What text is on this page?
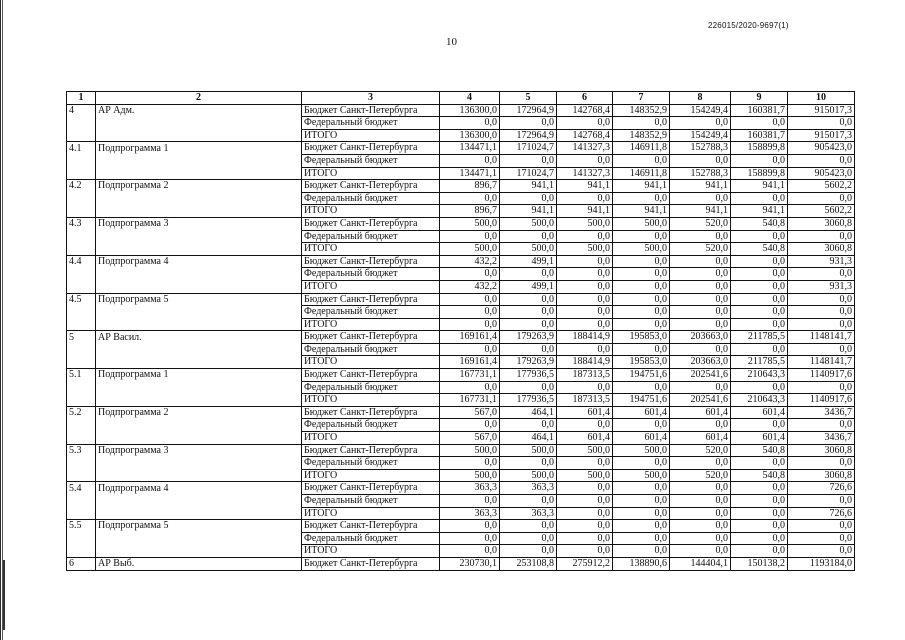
226015/2020-9697(1)
10
1	2	3	4	5	6	7	8	9	10
4	АР Адм.	Бюджет Санкт-Петербурга	136300,0	172964,9	142768,4	148352,9	154249,4	160381,7	915017,3
		Федеральный бюджет	0,0	0,0	0,0	0,0	0,0	0,0	0,0
		ИТОГО	136300,0	172964,9	142768,4	148352,9	154249,4	160381,7	915017,3
4.1	Подпрограмма 1	Бюджет Санкт-Петербурга	134471,1	171024,7	141327,3	146911,8	152788,3	158899,8	905423,0
		Федеральный бюджет	0,0	0,0	0,0	0,0	0,0	0,0	0,0
		ИТОГО	134471,1	171024,7	141327,3	146911,8	152788,3	158899,8	905423,0
4.2	Подпрограмма 2	Бюджет Санкт-Петербурга	896,7	941,1	941,1	941,1	941,1	941,1	5602,2
		Федеральный бюджет	0,0	0,0	0,0	0,0	0,0	0,0	0,0
		ИТОГО	896,7	941,1	941,1	941,1	941,1	941,1	5602,2
4.3	Подпрограмма 3	Бюджет Санкт-Петербурга	500,0	500,0	500,0	500,0	520,0	540,8	3060,8
		Федеральный бюджет	0,0	0,0	0,0	0,0	0,0	0,0	0,0
		ИТОГО	500,0	500,0	500,0	500,0	520,0	540,8	3060,8
4.4	Подпрограмма 4	Бюджет Санкт-Петербурга	432,2	499,1	0,0	0,0	0,0	0,0	931,3
		Федеральный бюджет	0,0	0,0	0,0	0,0	0,0	0,0	0,0
		ИТОГО	432,2	499,1	0,0	0,0	0,0	0,0	931,3
4.5	Подпрограмма 5	Бюджет Санкт-Петербурга	0,0	0,0	0,0	0,0	0,0	0,0	0,0
		Федеральный бюджет	0,0	0,0	0,0	0,0	0,0	0,0	0,0
		ИТОГО	0,0	0,0	0,0	0,0	0,0	0,0	0,0
5	АР Васил.	Бюджет Санкт-Петербурга	169161,4	179263,9	188414,9	195853,0	203663,0	211785,5	1148141,7
		Федеральный бюджет	0,0	0,0	0,0	0,0	0,0	0,0	0,0
		ИТОГО	169161,4	179263,9	188414,9	195853,0	203663,0	211785,5	1148141,7
5.1	Подпрограмма 1	Бюджет Санкт-Петербурга	167731,1	177936,5	187313,5	194751,6	202541,6	210643,3	1140917,6
		Федеральный бюджет	0,0	0,0	0,0	0,0	0,0	0,0	0,0
		ИТОГО	167731,1	177936,5	187313,5	194751,6	202541,6	210643,3	1140917,6
5.2	Подпрограмма 2	Бюджет Санкт-Петербурга	567,0	464,1	601,4	601,4	601,4	601,4	3436,7
		Федеральный бюджет	0,0	0,0	0,0	0,0	0,0	0,0	0,0
		ИТОГО	567,0	464,1	601,4	601,4	601,4	601,4	3436,7
5.3	Подпрограмма 3	Бюджет Санкт-Петербурга	500,0	500,0	500,0	500,0	520,0	540,8	3060,8
		Федеральный бюджет	0,0	0,0	0,0	0,0	0,0	0,0	0,0
		ИТОГО	500,0	500,0	500,0	500,0	520,0	540,8	3060,8
5.4	Подпрограмма 4	Бюджет Санкт-Петербурга	363,3	363,3	0,0	0,0	0,0	0,0	726,6
		Федеральный бюджет	0,0	0,0	0,0	0,0	0,0	0,0	0,0
		ИТОГО	363,3	363,3	0,0	0,0	0,0	0,0	726,6
5.5	Подпрограмма 5	Бюджет Санкт-Петербурга	0,0	0,0	0,0	0,0	0,0	0,0	0,0
		Федеральный бюджет	0,0	0,0	0,0	0,0	0,0	0,0	0,0
		ИТОГО	0,0	0,0	0,0	0,0	0,0	0,0	0,0
6	АР Выб.	Бюджет Санкт-Петербурга	230730,1	253108,8	275912,2	138890,6	144404,1	150138,2	1193184,0
